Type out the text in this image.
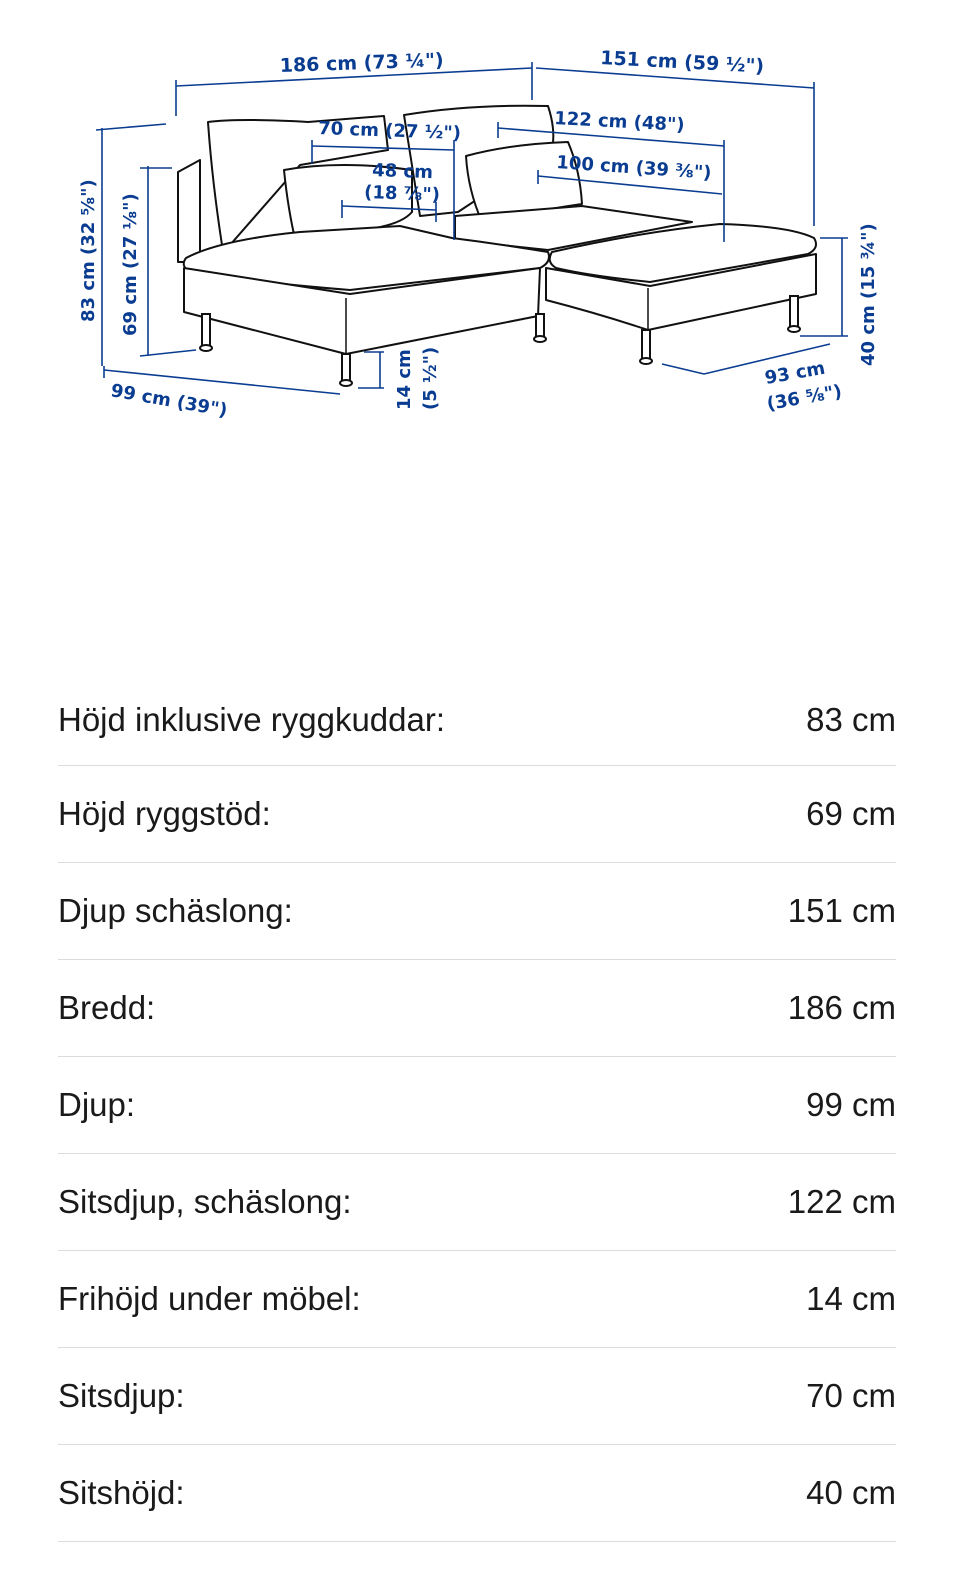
186 cm (73 ¼")	151 cm (59 ½")
70 cm (27 ½")	122 cm (48")
48 cm
(18 ⅞")
100 cm (39 ⅜")
83 cm (32 ⅝") 69 cm (27 ⅛")	40 cm (15 ¾")
99 cm (39")	14 cm (5 ½")	93 cm
(36 ⅝")
Höjd inklusive ryggkuddar:	83 cm
Höjd ryggstöd:	69 cm
Djup schäslong:	151 cm
Bredd:	186 cm
Djup:	99 cm
Sitsdjup, schäslong:	122 cm
Frihöjd under möbel:	14 cm
Sitsdjup:	70 cm
Sitshöjd:	40 cm
